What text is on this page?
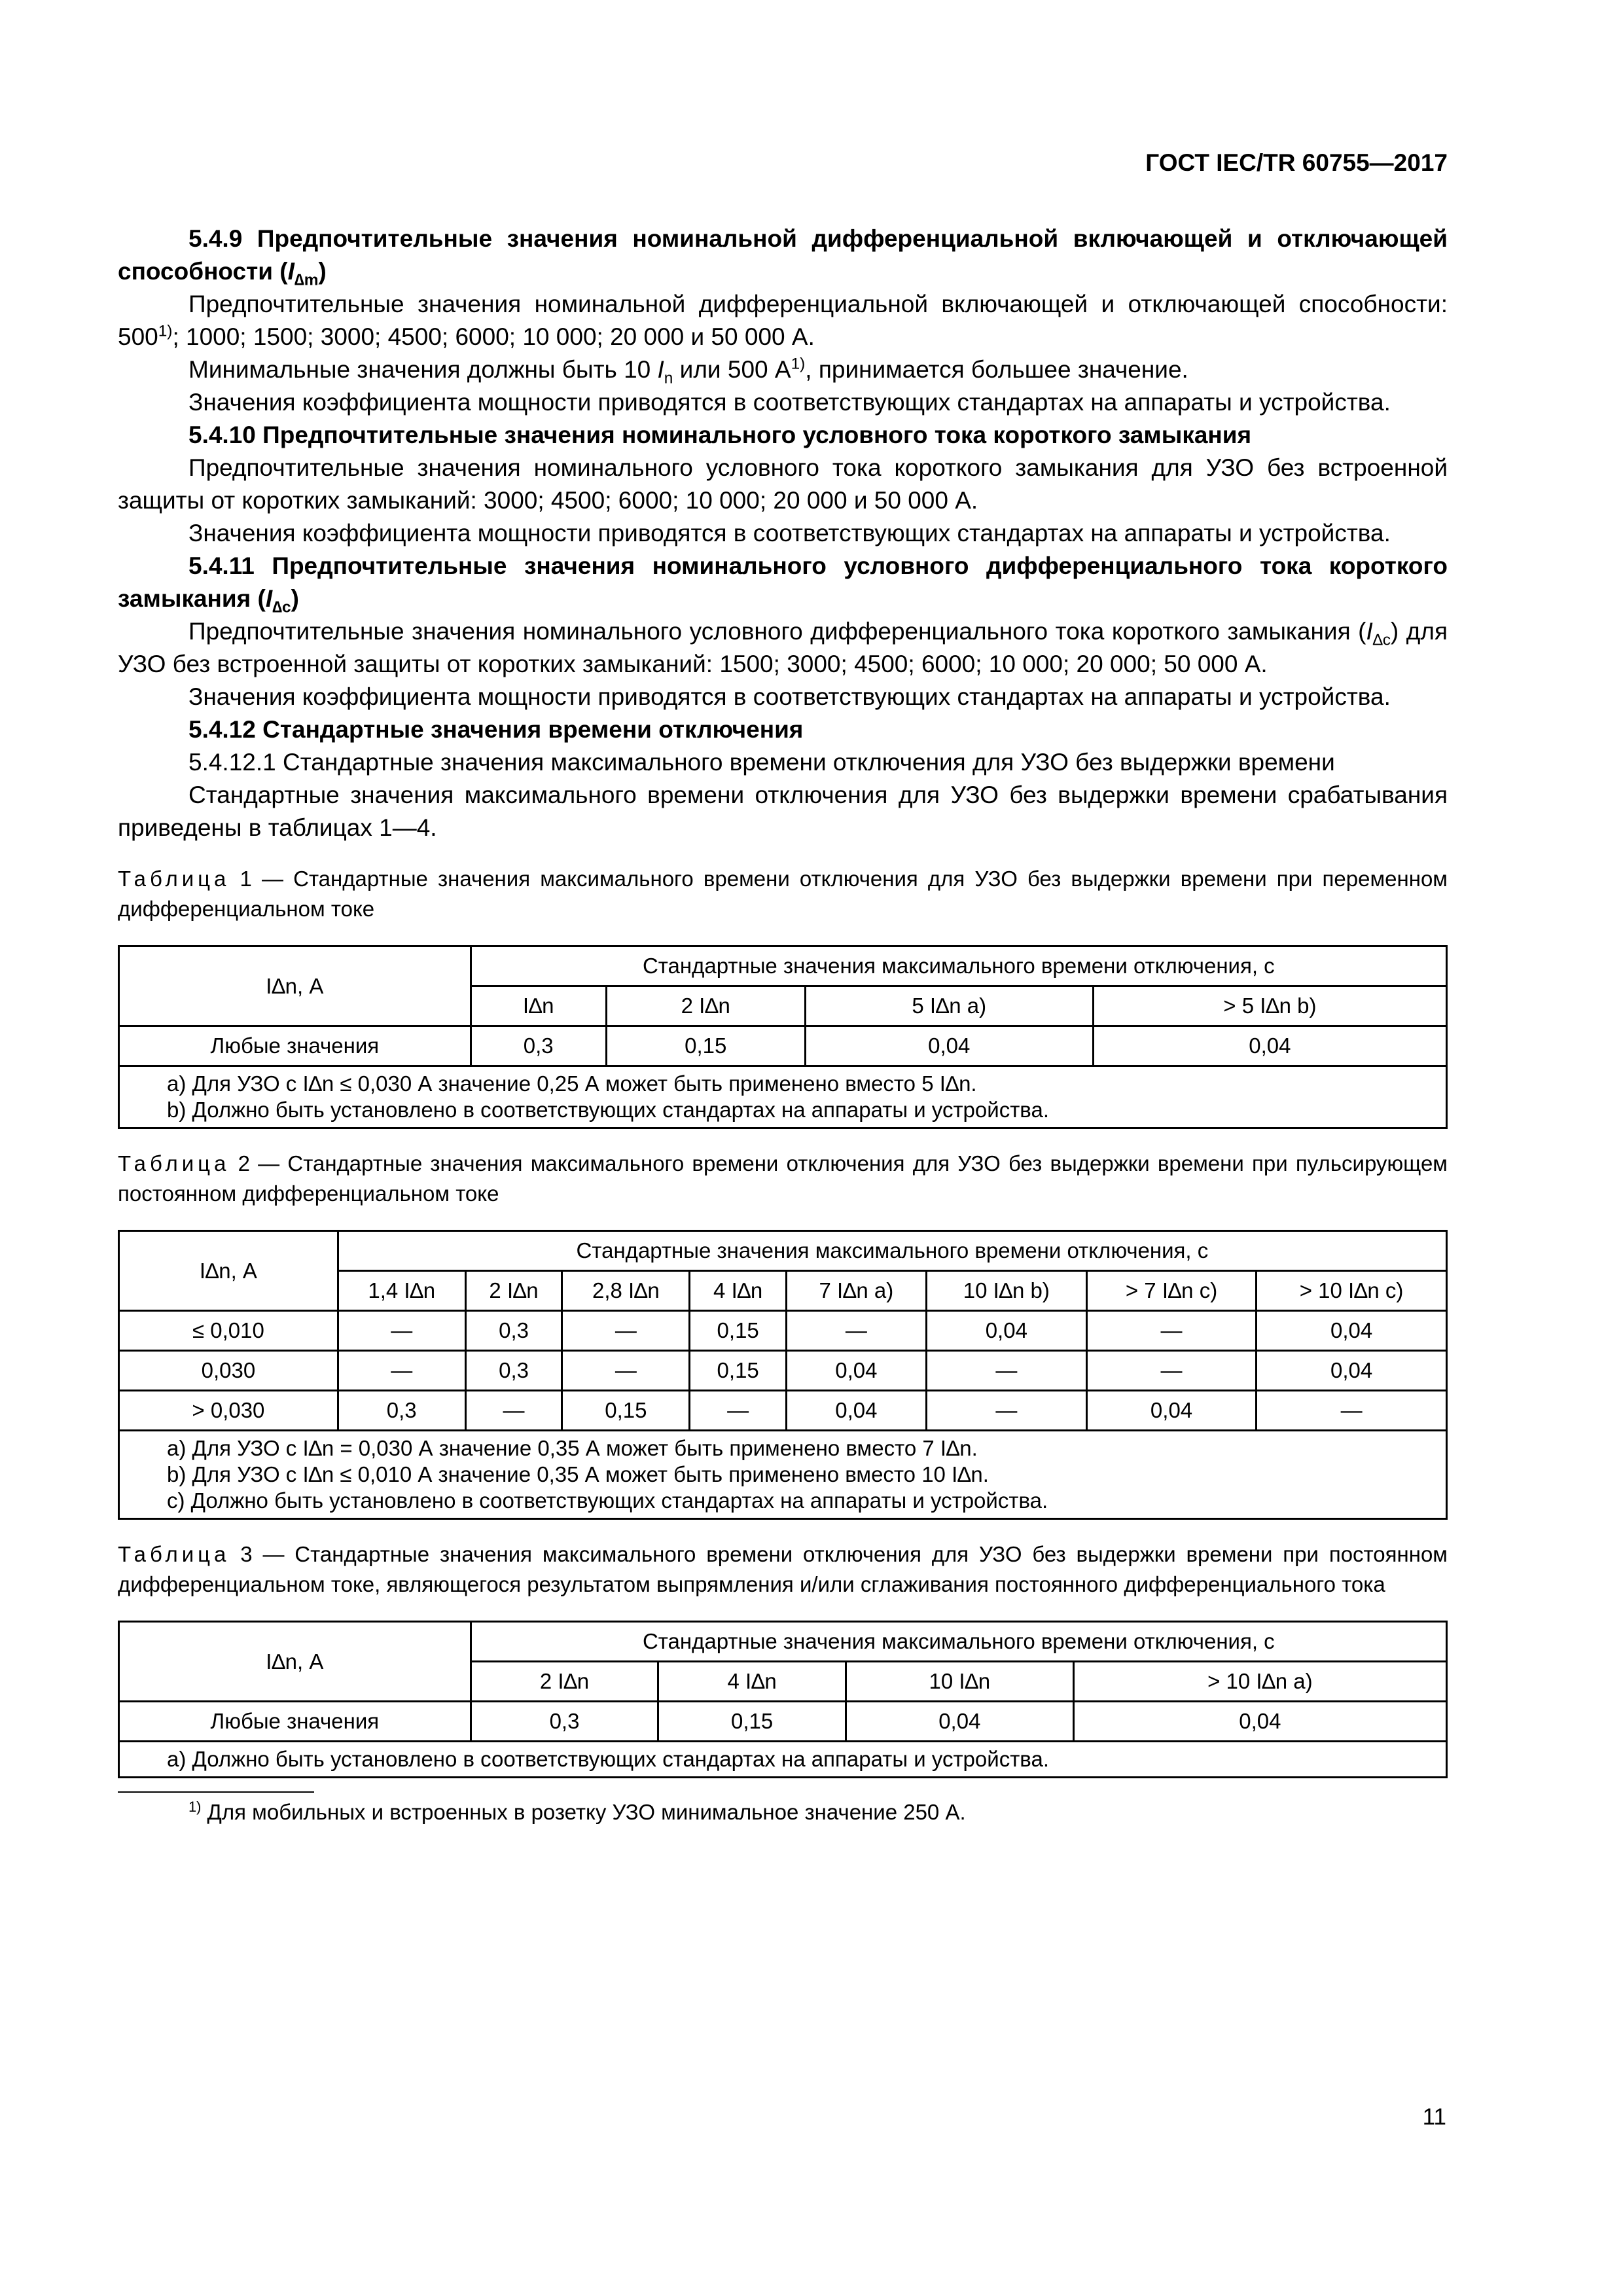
ГОСТ IEC/TR 60755—2017

5.4.9 Предпочтительные значения номинальной дифференциальной включающей и отключающей способности $(I_{\Delta m})$

Предпочтительные значения номинальной дифференциальной включающей и отключающей способности: 500$^{1)}$; 1000; 1500; 3000; 4500; 6000; 10 000; 20 000 и 50 000 А.

Минимальные значения должны быть 10 $I_n$ или 500 $А^{1)}$, принимается большее значение.

Значения коэффициента мощности приводятся в соответствующих стандартах на аппараты и устройства.

5.4.10 Предпочтительные значения номинального условного тока короткого замыкания

Предпочтительные значения номинального условного тока короткого замыкания для УЗО без встроенной защиты от коротких замыканий: 3000; 4500; 6000; 10 000; 20 000 и 50 000 А.

Значения коэффициента мощности приводятся в соответствующих стандартах на аппараты и устройства.

5.4.11 Предпочтительные значения номинального условного дифференциального тока короткого замыкания $(I_{\Delta c})$

Предпочтительные значения номинального условного дифференциального тока короткого замыкания $(I_{\Delta c})$ для УЗО без встроенной защиты от коротких замыканий: 1500; 3000; 4500; 6000; 10 000; 20 000; 50 000 А.

Значения коэффициента мощности приводятся в соответствующих стандартах на аппараты и устройства.

5.4.12 Стандартные значения времени отключения

5.4.12.1 Стандартные значения максимального времени отключения для УЗО без выдержки времени

Стандартные значения максимального времени отключения для УЗО без выдержки времени срабатывания приведены в таблицах 1—4.

Таблица 1 — Стандартные значения максимального времени отключения для УЗО без выдержки времени при переменном дифференциальном токе

I∆n, А	Стандартные значения максимального времени отключения, с			
	I∆n	2 I∆n	5 I∆n a)	> 5 I∆n b)
Любые значения	0,3	0,15	0,04	0,04

a) Для УЗО с I∆n ≤ 0,030 А значение 0,25 А может быть применено вместо 5 I∆n.
b) Должно быть установлено в соответствующих стандартах на аппараты и устройства.				

Таблица 2 — Стандартные значения максимального времени отключения для УЗО без выдержки времени при пульсирующем постоянном дифференциальном токе

I∆n, А	Стандартные значения максимального времени отключения, с							
	1,4 I∆n	2 I∆n	2,8 I∆n	4 I∆n	7 I∆n a)	10 I∆n b)	> 7 I∆n c)	> 10 I∆n c)
≤ 0,010	—	0,3	—	0,15	—	0,04	—	0,04
0,030	—	0,3	—	0,15	0,04	—	—	0,04
> 0,030	0,3	—	0,15	—	0,04	—	0,04	—

a) Для УЗО с I∆n = 0,030 А значение 0,35 А может быть применено вместо 7 I∆n.
b) Для УЗО с I∆n ≤ 0,010 А значение 0,35 А может быть применено вместо 10 I∆n.
c) Должно быть установлено в соответствующих стандартах на аппараты и устройства.								

Таблица 3 — Стандартные значения максимального времени отключения для УЗО без выдержки времени при постоянном дифференциальном токе, являющегося результатом выпрямления и/или сглаживания постоянного дифференциального тока

I∆n, А	Стандартные значения максимального времени отключения, с			
	2 I∆n	4 I∆n	10 I∆n	> 10 I∆n a)
Любые значения	0,3	0,15	0,04	0,04

a) Должно быть установлено в соответствующих стандартах на аппараты и устройства.				
$^{1)}$ Для мобильных и встроенных в розетку УЗО минимальное значение 250 А.
11
